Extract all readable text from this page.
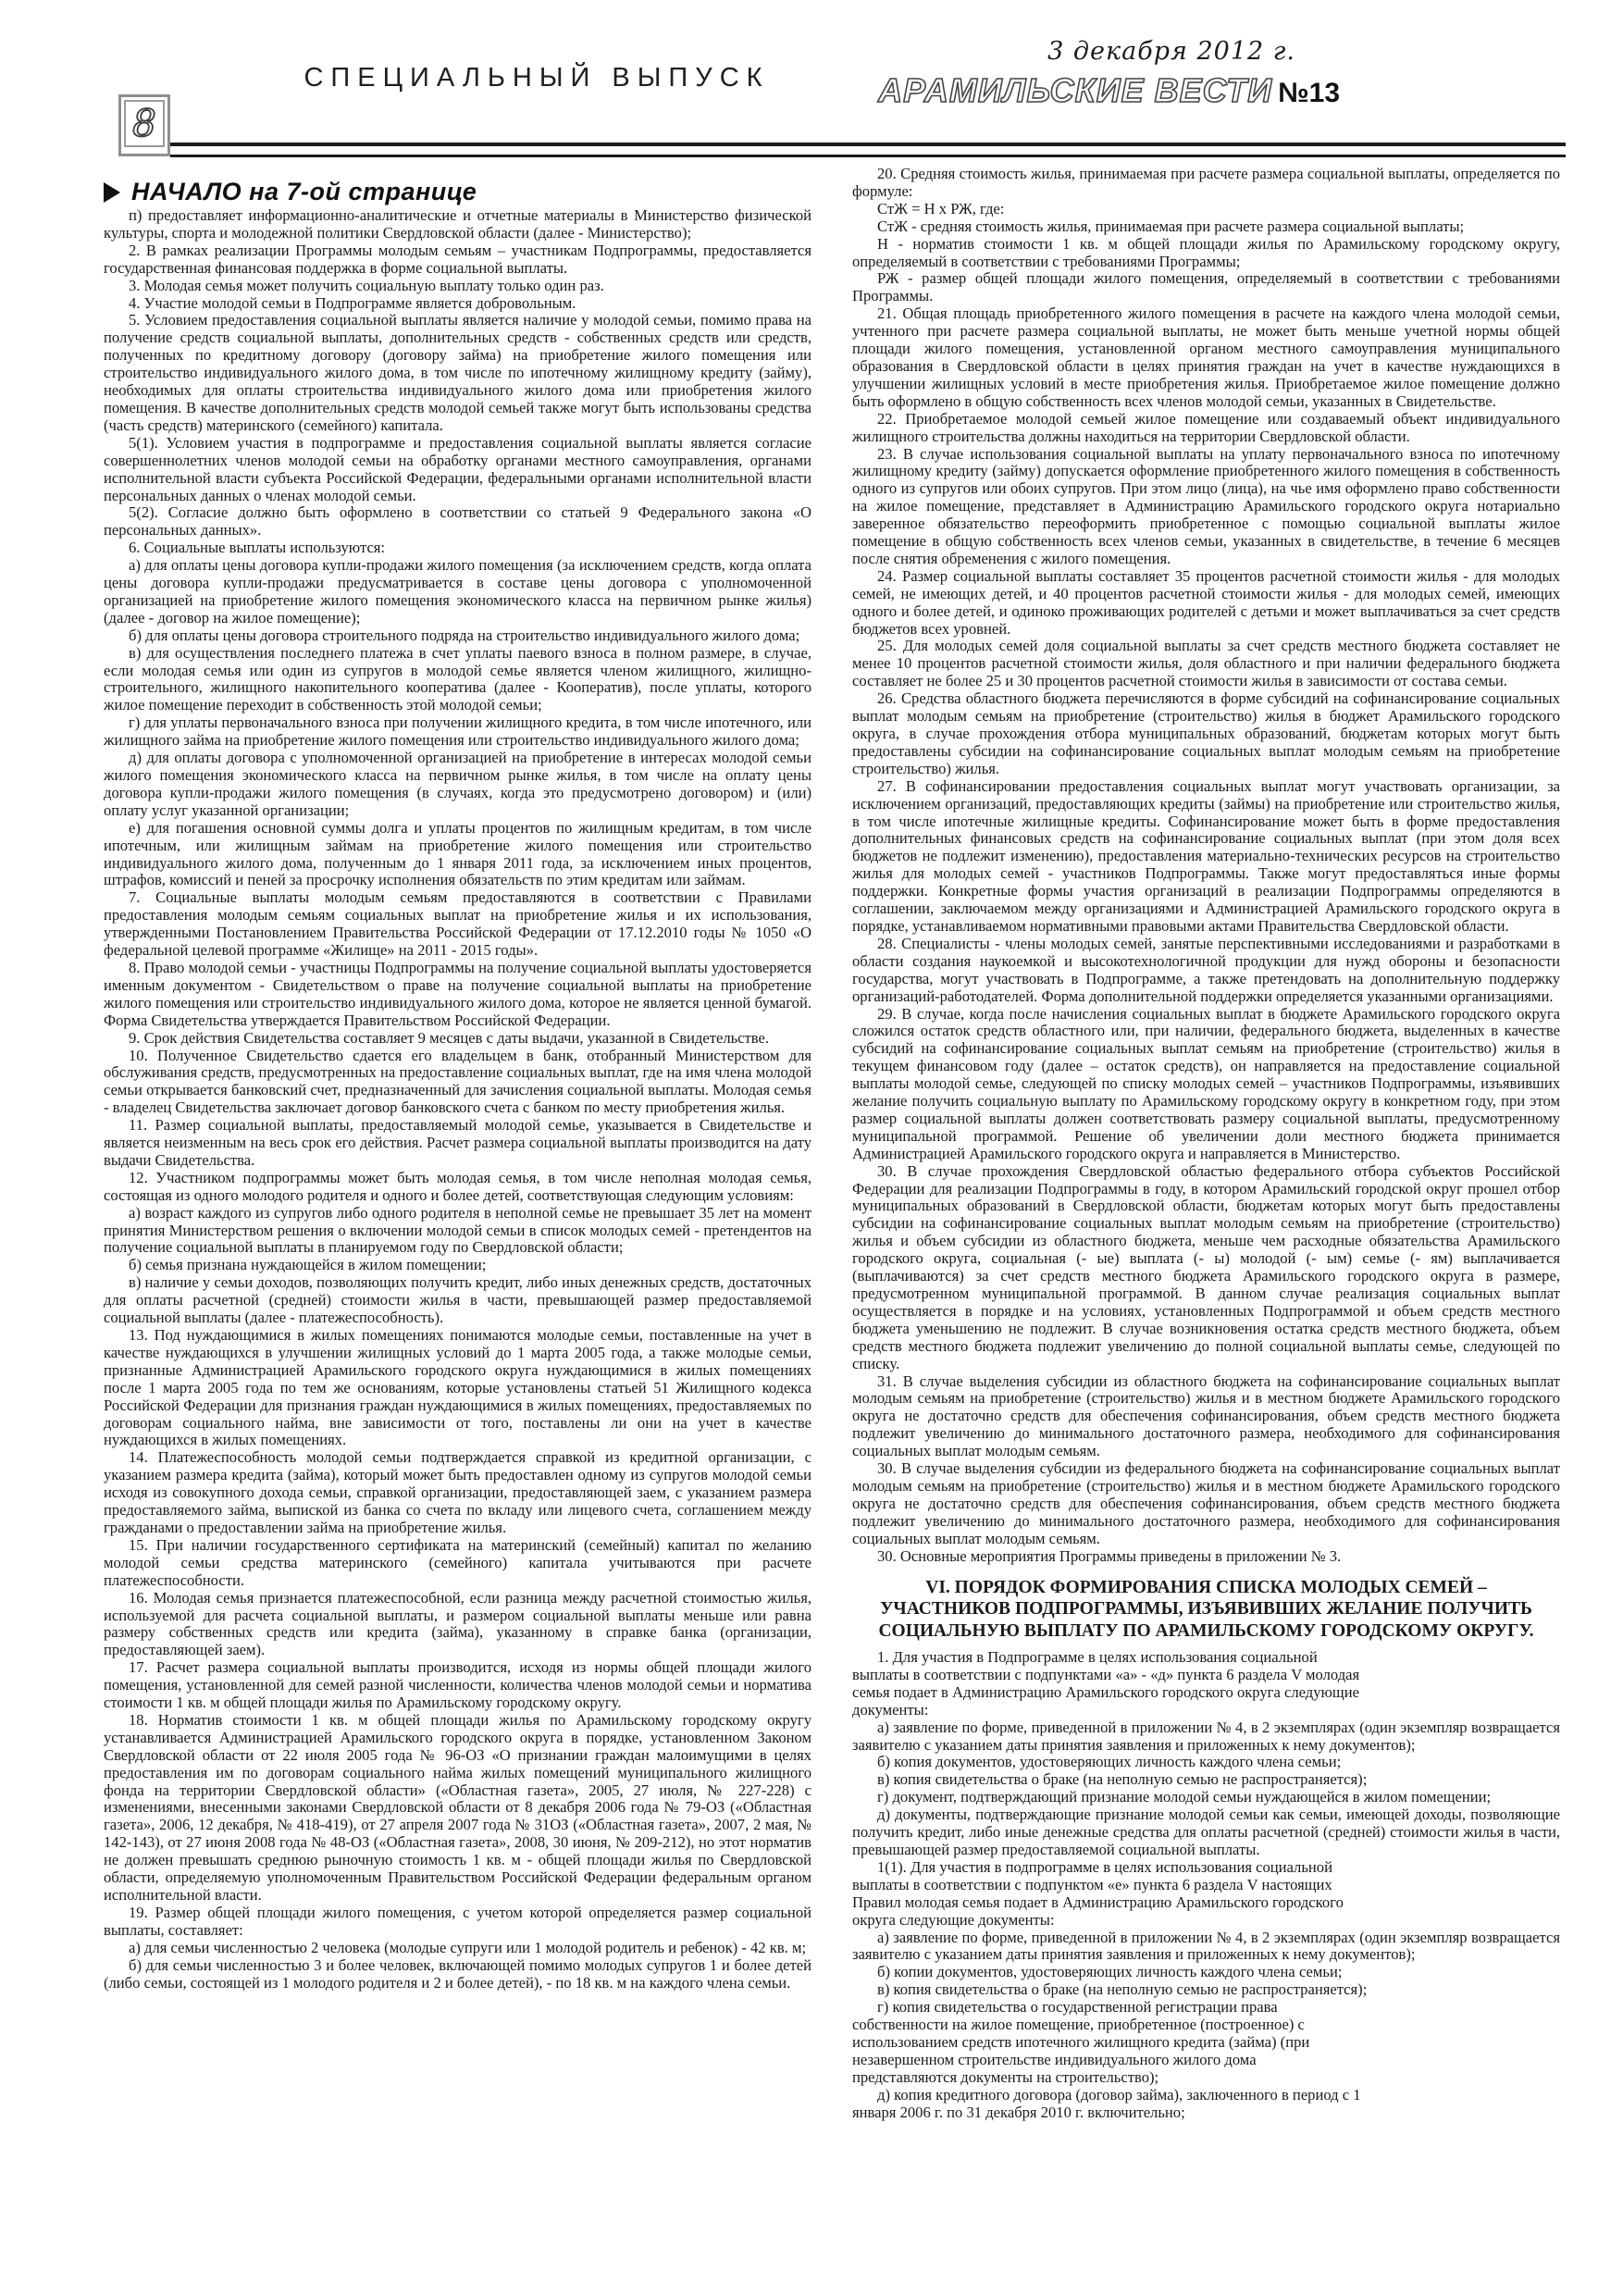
8
СПЕЦИАЛЬНЫЙ ВЫПУСК
3 декабря 2012 г.
АРАМИЛЬСКИЕ ВЕСТИ №13
НАЧАЛО на 7-ой странице

п) предоставляет информационно-аналитические и отчетные материалы в Министерство физической культуры, спорта и молодежной политики Свердловской области (далее - Министерство);

2. В рамках реализации Программы молодым семьям – участникам Подпрограммы, предоставляется государственная финансовая поддержка в форме социальной выплаты.

3. Молодая семья может получить социальную выплату только один раз.

4. Участие молодой семьи в Подпрограмме является добровольным.

5. Условием предоставления социальной выплаты является наличие у молодой семьи, помимо права на получение средств социальной выплаты, дополнительных средств - собственных средств или средств, полученных по кредитному договору (договору займа) на приобретение жилого помещения или строительство индивидуального жилого дома, в том числе по ипотечному жилищному кредиту (займу), необходимых для оплаты строительства индивидуального жилого дома или приобретения жилого помещения. В качестве дополнительных средств молодой семьей также могут быть использованы средства (часть средств) материнского (семейного) капитала.

5(1). Условием участия в подпрограмме и предоставления социальной выплаты является согласие совершеннолетних членов молодой семьи на обработку органами местного самоуправления, органами исполнительной власти субъекта Российской Федерации, федеральными органами исполнительной власти персональных данных о членах молодой семьи.

5(2). Согласие должно быть оформлено в соответствии со статьей 9 Федерального закона «О персональных данных».

6. Социальные выплаты используются:

а) для оплаты цены договора купли-продажи жилого помещения (за исключением средств, когда оплата цены договора купли-продажи предусматривается в составе цены договора с уполномоченной организацией на приобретение жилого помещения экономического класса на первичном рынке жилья) (далее - договор на жилое помещение);

б) для оплаты цены договора строительного подряда на строительство индивидуального жилого дома;

в) для осуществления последнего платежа в счет уплаты паевого взноса в полном размере, в случае, если молодая семья или один из супругов в молодой семье является членом жилищного, жилищно-строительного, жилищного накопительного кооператива (далее - Кооператив), после уплаты, которого жилое помещение переходит в собственность этой молодой семьи;

г) для уплаты первоначального взноса при получении жилищного кредита, в том числе ипотечного, или жилищного займа на приобретение жилого помещения или строительство индивидуального жилого дома;

д) для оплаты договора с уполномоченной организацией на приобретение в интересах молодой семьи жилого помещения экономического класса на первичном рынке жилья, в том числе на оплату цены договора купли-продажи жилого помещения (в случаях, когда это предусмотрено договором) и (или) оплату услуг указанной организации;

е) для погашения основной суммы долга и уплаты процентов по жилищным кредитам, в том числе ипотечным, или жилищным займам на приобретение жилого помещения или строительство индивидуального жилого дома, полученным до 1 января 2011 года, за исключением иных процентов, штрафов, комиссий и пеней за просрочку исполнения обязательств по этим кредитам или займам.

7. Социальные выплаты молодым семьям предоставляются в соответствии с Правилами предоставления молодым семьям социальных выплат на приобретение жилья и их использования, утвержденными Постановлением Правительства Российской Федерации от 17.12.2010 годы № 1050 «О федеральной целевой программе «Жилище» на 2011 - 2015 годы».

8. Право молодой семьи - участницы Подпрограммы на получение социальной выплаты удостоверяется именным документом - Свидетельством о праве на получение социальной выплаты на приобретение жилого помещения или строительство индивидуального жилого дома, которое не является ценной бумагой. Форма Свидетельства утверждается Правительством Российской Федерации.

9. Срок действия Свидетельства составляет 9 месяцев с даты выдачи, указанной в Свидетельстве.

10. Полученное Свидетельство сдается его владельцем в банк, отобранный Министерством для обслуживания средств, предусмотренных на предоставление социальных выплат, где на имя члена молодой семьи открывается банковский счет, предназначенный для зачисления социальной выплаты. Молодая семья - владелец Свидетельства заключает договор банковского счета с банком по месту приобретения жилья.

11. Размер социальной выплаты, предоставляемый молодой семье, указывается в Свидетельстве и является неизменным на весь срок его действия. Расчет размера социальной выплаты производится на дату выдачи Свидетельства.

12. Участником подпрограммы может быть молодая семья, в том числе неполная молодая семья, состоящая из одного молодого родителя и одного и более детей, соответствующая следующим условиям:

а) возраст каждого из супругов либо одного родителя в неполной семье не превышает 35 лет на момент принятия Министерством решения о включении молодой семьи в список молодых семей - претендентов на получение социальной выплаты в планируемом году по Свердловской области;

б) семья признана нуждающейся в жилом помещении;

в) наличие у семьи доходов, позволяющих получить кредит, либо иных денежных средств, достаточных для оплаты расчетной (средней) стоимости жилья в части, превышающей размер предоставляемой социальной выплаты (далее - платежеспособность).

13. Под нуждающимися в жилых помещениях понимаются молодые семьи, поставленные на учет в качестве нуждающихся в улучшении жилищных условий до 1 марта 2005 года, а также молодые семьи, признанные Администрацией Арамильского городского округа нуждающимися в жилых помещениях после 1 марта 2005 года по тем же основаниям, которые установлены статьей 51 Жилищного кодекса Российской Федерации для признания граждан нуждающимися в жилых помещениях, предоставляемых по договорам социального найма, вне зависимости от того, поставлены ли они на учет в качестве нуждающихся в жилых помещениях.

14. Платежеспособность молодой семьи подтверждается справкой из кредитной организации, с указанием размера кредита (займа), который может быть предоставлен одному из супругов молодой семьи исходя из совокупного дохода семьи, справкой организации, предоставляющей заем, с указанием размера предоставляемого займа, выпиской из банка со счета по вкладу или лицевого счета, соглашением между гражданами о предоставлении займа на приобретение жилья.

15. При наличии государственного сертификата на материнский (семейный) капитал по желанию молодой семьи средства материнского (семейного) капитала учитываются при расчете платежеспособности.

16. Молодая семья признается платежеспособной, если разница между расчетной стоимостью жилья, используемой для расчета социальной выплаты, и размером социальной выплаты меньше или равна размеру собственных средств или кредита (займа), указанному в справке банка (организации, предоставляющей заем).

17. Расчет размера социальной выплаты производится, исходя из нормы общей площади жилого помещения, установленной для семей разной численности, количества членов молодой семьи и норматива стоимости 1 кв. м общей площади жилья по Арамильскому городскому округу.

18. Норматив стоимости 1 кв. м общей площади жилья по Арамильскому городскому округу устанавливается Администрацией Арамильского городского округа в порядке, установленном Законом Свердловской области от 22 июля 2005 года № 96-ОЗ «О признании граждан малоимущими в целях предоставления им по договорам социального найма жилых помещений муниципального жилищного фонда на территории Свердловской области» («Областная газета», 2005, 27 июля, № 227-228) с изменениями, внесенными законами Свердловской области от 8 декабря 2006 года № 79-ОЗ («Областная газета», 2006, 12 декабря, № 418-419), от 27 апреля 2007 года № 31ОЗ («Областная газета», 2007, 2 мая, № 142-143), от 27 июня 2008 года № 48-ОЗ («Областная газета», 2008, 30 июня, № 209-212), но этот норматив не должен превышать среднюю рыночную стоимость 1 кв. м - общей площади жилья по Свердловской области, определяемую уполномоченным Правительством Российской Федерации федеральным органом исполнительной власти.

19. Размер общей площади жилого помещения, с учетом которой определяется размер социальной выплаты, составляет:

а) для семьи численностью 2 человека (молодые супруги или 1 молодой родитель и ребенок) - 42 кв. м;

б) для семьи численностью 3 и более человек, включающей помимо молодых супругов 1 и более детей (либо семьи, состоящей из 1 молодого родителя и 2 и более детей), - по 18 кв. м на каждого члена семьи.

20. Средняя стоимость жилья, принимаемая при расчете размера социальной выплаты, определяется по формуле:

СтЖ = Н х РЖ, где:

СтЖ - средняя стоимость жилья, принимаемая при расчете размера социальной выплаты;

Н - норматив стоимости 1 кв. м общей площади жилья по Арамильскому городскому округу, определяемый в соответствии с требованиями Программы;

РЖ - размер общей площади жилого помещения, определяемый в соответствии с требованиями Программы.

21. Общая площадь приобретенного жилого помещения в расчете на каждого члена молодой семьи, учтенного при расчете размера социальной выплаты, не может быть меньше учетной нормы общей площади жилого помещения, установленной органом местного самоуправления муниципального образования в Свердловской области в целях принятия граждан на учет в качестве нуждающихся в улучшении жилищных условий в месте приобретения жилья. Приобретаемое жилое помещение должно быть оформлено в общую собственность всех членов молодой семьи, указанных в Свидетельстве.

22. Приобретаемое молодой семьей жилое помещение или создаваемый объект индивидуального жилищного строительства должны находиться на территории Свердловской области.

23. В случае использования социальной выплаты на уплату первоначального взноса по ипотечному жилищному кредиту (займу) допускается оформление приобретенного жилого помещения в собственность одного из супругов или обоих супругов. При этом лицо (лица), на чье имя оформлено право собственности на жилое помещение, представляет в Администрацию Арамильского городского округа нотариально заверенное обязательство переоформить приобретенное с помощью социальной выплаты жилое помещение в общую собственность всех членов семьи, указанных в свидетельстве, в течение 6 месяцев после снятия обременения с жилого помещения.

24. Размер социальной выплаты составляет 35 процентов расчетной стоимости жилья - для молодых семей, не имеющих детей, и 40 процентов расчетной стоимости жилья - для молодых семей, имеющих одного и более детей, и одиноко проживающих родителей с детьми и может выплачиваться за счет средств бюджетов всех уровней.

25. Для молодых семей доля социальной выплаты за счет средств местного бюджета составляет не менее 10 процентов расчетной стоимости жилья, доля областного и при наличии федерального бюджета составляет не более 25 и 30 процентов расчетной стоимости жилья в зависимости от состава семьи.

26. Средства областного бюджета перечисляются в форме субсидий на софинансирование социальных выплат молодым семьям на приобретение (строительство) жилья в бюджет Арамильского городского округа, в случае прохождения отбора муниципальных образований, бюджетам которых могут быть предоставлены субсидии на софинансирование социальных выплат молодым семьям на приобретение строительство) жилья.

27. В софинансировании предоставления социальных выплат могут участвовать организации, за исключением организаций, предоставляющих кредиты (займы) на приобретение или строительство жилья, в том числе ипотечные жилищные кредиты. Софинансирование может быть в форме предоставления дополнительных финансовых средств на софинансирование социальных выплат (при этом доля всех бюджетов не подлежит изменению), предоставления материально-технических ресурсов на строительство жилья для молодых семей - участников Подпрограммы. Также могут предоставляться иные формы поддержки. Конкретные формы участия организаций в реализации Подпрограммы определяются в соглашении, заключаемом между организациями и Администрацией Арамильского городского округа в порядке, устанавливаемом нормативными правовыми актами Правительства Свердловской области.

28. Специалисты - члены молодых семей, занятые перспективными исследованиями и разработками в области создания наукоемкой и высокотехнологичной продукции для нужд обороны и безопасности государства, могут участвовать в Подпрограмме, а также претендовать на дополнительную поддержку организаций-работодателей. Форма дополнительной поддержки определяется указанными организациями.

29. В случае, когда после начисления социальных выплат в бюджете Арамильского городского округа сложился остаток средств областного или, при наличии, федерального бюджета, выделенных в качестве субсидий на софинансирование социальных выплат семьям на приобретение (строительство) жилья в текущем финансовом году (далее – остаток средств), он направляется на предоставление социальной выплаты молодой семье, следующей по списку молодых семей – участников Подпрограммы, изъявивших желание получить социальную выплату по Арамильскому городскому округу в конкретном году, при этом размер социальной выплаты должен соответствовать размеру социальной выплаты, предусмотренному муниципальной программой. Решение об увеличении доли местного бюджета принимается Администрацией Арамильского городского округа и направляется в Министерство.

30. В случае прохождения Свердловской областью федерального отбора субъектов Российской Федерации для реализации Подпрограммы в году, в котором Арамильский городской округ прошел отбор муниципальных образований в Свердловской области, бюджетам которых могут быть предоставлены субсидии на софинансирование социальных выплат молодым семьям на приобретение (строительство) жилья и объем субсидии из областного бюджета, меньше чем расходные обязательства Арамильского городского округа, социальная (- ые) выплата (- ы) молодой (- ым) семье (- ям) выплачивается (выплачиваются) за счет средств местного бюджета Арамильского городского округа в размере, предусмотренном муниципальной программой. В данном случае реализация социальных выплат осуществляется в порядке и на условиях, установленных Подпрограммой и объем средств местного бюджета уменьшению не подлежит. В случае возникновения остатка средств местного бюджета, объем средств местного бюджета подлежит увеличению до полной социальной выплаты семье, следующей по списку.

31. В случае выделения субсидии из областного бюджета на софинансирование социальных выплат молодым семьям на приобретение (строительство) жилья и в местном бюджете Арамильского городского округа не достаточно средств для обеспечения софинансирования, объем средств местного бюджета подлежит увеличению до минимального достаточного размера, необходимого для софинансирования социальных выплат молодым семьям.

30. В случае выделения субсидии из федерального бюджета на софинансирование социальных выплат молодым семьям на приобретение (строительство) жилья и в местном бюджете Арамильского городского округа не достаточно средств для обеспечения софинансирования, объем средств местного бюджета подлежит увеличению до минимального достаточного размера, необходимого для софинансирования социальных выплат молодым семьям.

30. Основные мероприятия Программы приведены в приложении № 3.

VI. ПОРЯДОК ФОРМИРОВАНИЯ СПИСКА МОЛОДЫХ СЕМЕЙ – УЧАСТНИКОВ ПОДПРОГРАММЫ, ИЗЪЯВИВШИХ ЖЕЛАНИЕ ПОЛУЧИТЬ СОЦИАЛЬНУЮ ВЫПЛАТУ ПО АРАМИЛЬСКОМУ ГОРОДСКОМУ ОКРУГУ.

1. Для участия в Подпрограмме в целях использования социальной выплаты в соответствии с подпунктами «а» - «д» пункта 6 раздела V молодая семья подает в Администрацию Арамильского городского округа следующие документы:

а) заявление по форме, приведенной в приложении № 4, в 2 экземплярах (один экземпляр возвращается заявителю с указанием даты принятия заявления и приложенных к нему документов);

б) копия документов, удостоверяющих личность каждого члена семьи;

в) копия свидетельства о браке (на неполную семью не распространяется);

г) документ, подтверждающий признание молодой семьи нуждающейся в жилом помещении;

д) документы, подтверждающие признание молодой семьи как семьи, имеющей доходы, позволяющие получить кредит, либо иные денежные средства для оплаты расчетной (средней) стоимости жилья в части, превышающей размер предоставляемой социальной выплаты.

1(1). Для участия в подпрограмме в целях использования социальной выплаты в соответствии с подпунктом «е» пункта 6 раздела V настоящих Правил молодая семья подает в Администрацию Арамильского городского округа следующие документы:

а) заявление по форме, приведенной в приложении № 4, в 2 экземплярах (один экземпляр возвращается заявителю с указанием даты принятия заявления и приложенных к нему документов);

б) копии документов, удостоверяющих личность каждого члена семьи;

в) копия свидетельства о браке (на неполную семью не распространяется);

г) копия свидетельства о государственной регистрации права собственности на жилое помещение, приобретенное (построенное) с использованием средств ипотечного жилищного кредита (займа) (при незавершенном строительстве индивидуального жилого дома представляются документы на строительство);

д) копия кредитного договора (договор займа), заключенного в период с 1 января 2006 г. по 31 декабря 2010 г. включительно;
